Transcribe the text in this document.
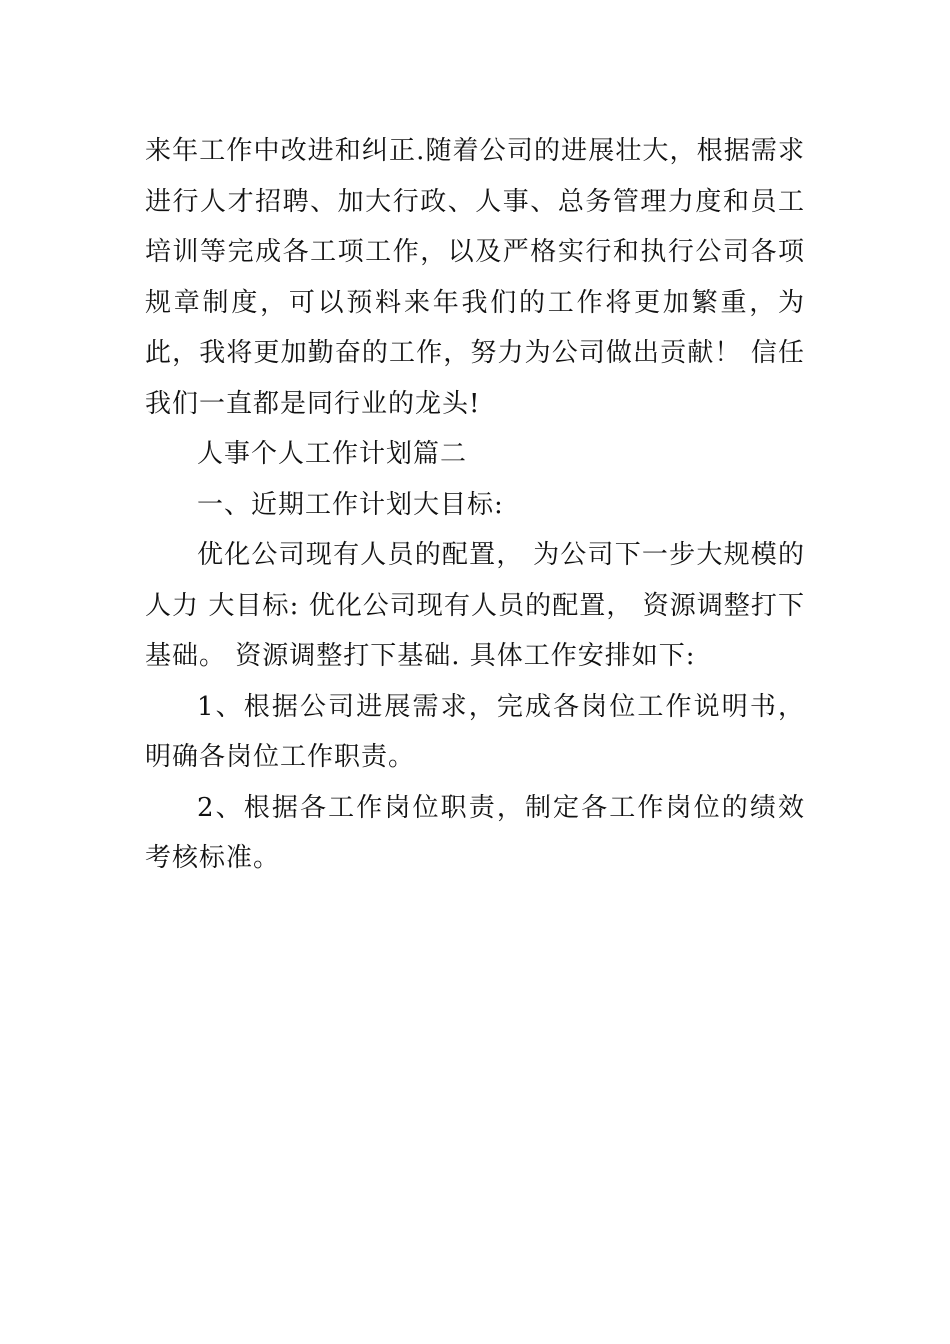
来年工作中改进和纠正.随着公司的进展壮大，根据需求进行人才招聘、加大行政、人事、总务管理力度和员工培训等完成各工项工作，以及严格实行和执行公司各项规章制度，可以预料来年我们的工作将更加繁重，为此，我将更加勤奋的工作，努力为公司做出贡献！ 信任我们一直都是同行业的龙头!

人事个人工作计划篇二

一、近期工作计划大目标:

优化公司现有人员的配置， 为公司下一步大规模的人力 大目标: 优化公司现有人员的配置， 资源调整打下基础。 资源调整打下基础. 具体工作安排如下:

1、根据公司进展需求，完成各岗位工作说明书，明确各岗位工作职责。

2、根据各工作岗位职责，制定各工作岗位的绩效考核标准。
